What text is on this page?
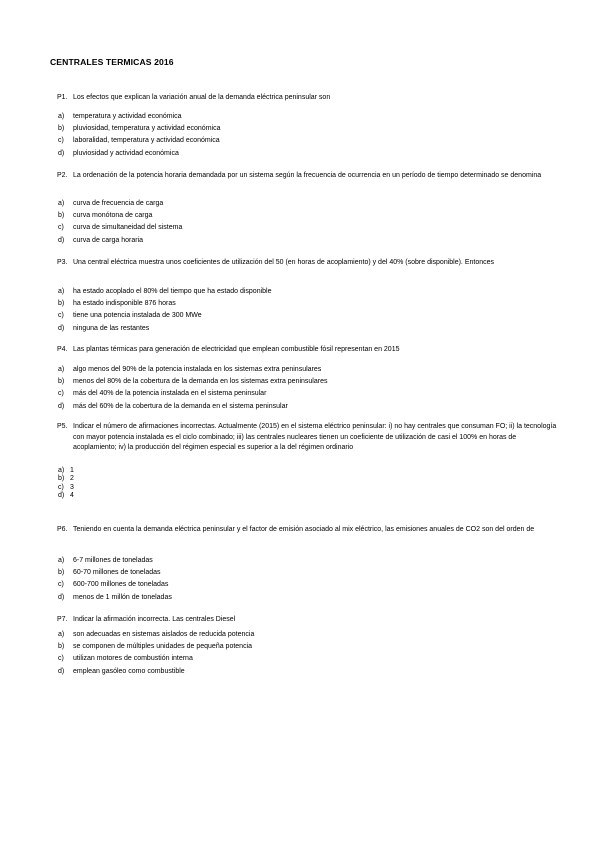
CENTRALES TERMICAS 2016
P1. Los efectos que explican la variación anual de la demanda eléctrica peninsular son
a) temperatura y actividad económica
b) pluviosidad, temperatura y actividad económica
c) laboralidad, temperatura y actividad económica
d) pluviosidad y actividad económica
P2. La ordenación de la potencia horaria demandada por un sistema según la frecuencia de ocurrencia en un período de tiempo determinado se denomina
a) curva de frecuencia de carga
b) curva monótona de carga
c) curva de simultaneidad del sistema
d) curva de carga horaria
P3. Una central eléctrica muestra unos coeficientes de utilización del 50 (en horas de acoplamiento) y del 40% (sobre disponible). Entonces
a) ha estado acoplado el 80% del tiempo que ha estado disponible
b) ha estado indisponible 876 horas
c) tiene una potencia instalada de 300 MWe
d) ninguna de las restantes
P4. Las plantas térmicas para generación de electricidad que emplean combustible fósil representan en 2015
a) algo menos del 90% de la potencia instalada en los sistemas extra peninsulares
b) menos del 80% de la cobertura de la demanda en los sistemas extra peninsulares
c) más del 40% de la potencia instalada en el sistema peninsular
d) más del 60% de la cobertura de la demanda en el sistema peninsular
P5. Indicar el número de afirmaciones incorrectas. Actualmente (2015) en el sistema eléctrico peninsular: i) no hay centrales que consuman FO; ii) la tecnología con mayor potencia instalada es el ciclo combinado; iii) las centrales nucleares tienen un coeficiente de utilización de casi el 100% en horas de acoplamiento; iv) la producción del régimen especial es superior a la del régimen ordinario
a) 1
b) 2
c) 3
d) 4
P6. Teniendo en cuenta la demanda eléctrica peninsular y el factor de emisión asociado al mix eléctrico, las emisiones anuales de CO2 son del orden de
a) 6-7 millones de toneladas
b) 60-70 millones de toneladas
c) 600-700 millones de toneladas
d) menos de 1 millón de toneladas
P7. Indicar la afirmación incorrecta. Las centrales Diesel
a) son adecuadas en sistemas aislados de reducida potencia
b) se componen de múltiples unidades de pequeña potencia
c) utilizan motores de combustión interna
d) emplean gasóleo como combustible
